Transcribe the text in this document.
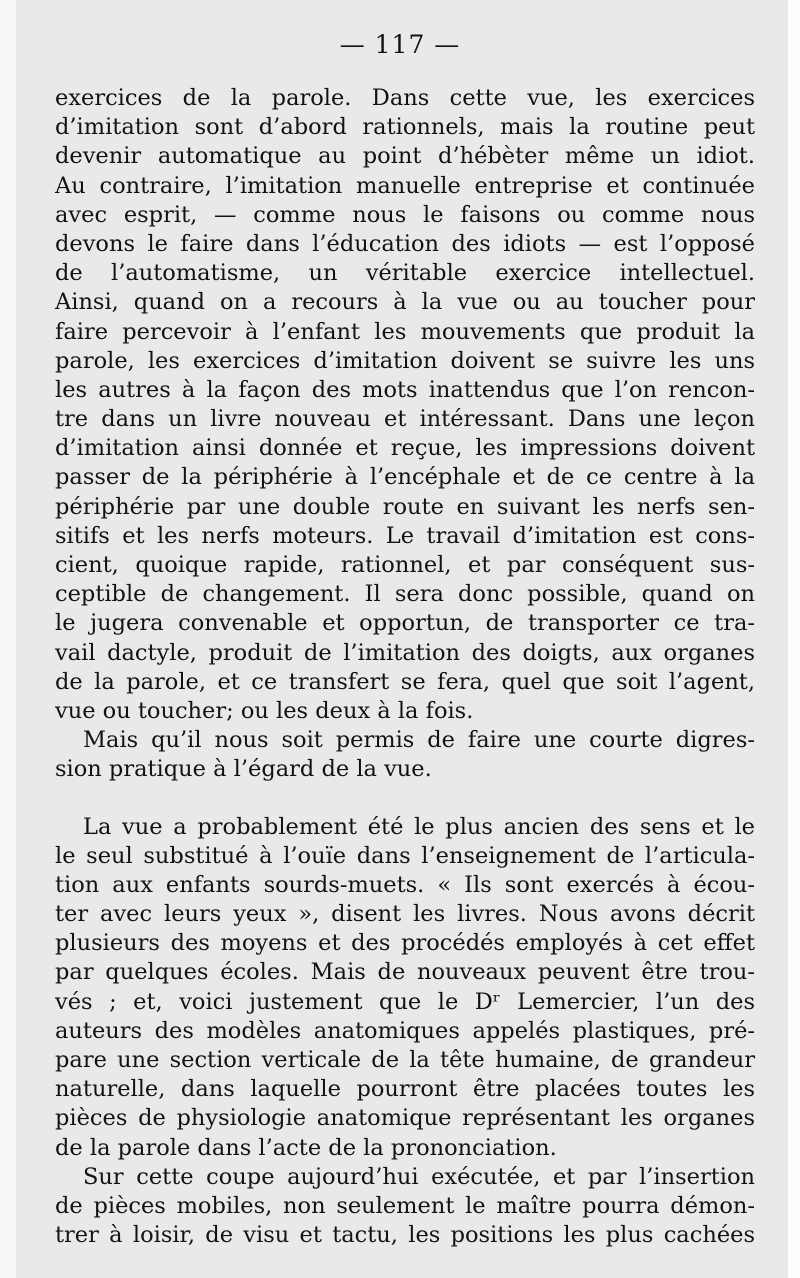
— 117 —
exercices de la parole. Dans cette vue, les exercices
d’imitation sont d’abord rationnels, mais la routine peut
devenir automatique au point d’hébèter même un idiot.
Au contraire, l’imitation manuelle entreprise et continuée
avec esprit, — comme nous le faisons ou comme nous
devons le faire dans l’éducation des idiots — est l’opposé
de l’automatisme, un véritable exercice intellectuel.
Ainsi, quand on a recours à la vue ou au toucher pour
faire percevoir à l’enfant les mouvements que produit la
parole, les exercices d’imitation doivent se suivre les uns
les autres à la façon des mots inattendus que l’on rencon-
tre dans un livre nouveau et intéressant. Dans une leçon
d’imitation ainsi donnée et reçue, les impressions doivent
passer de la périphérie à l’encéphale et de ce centre à la
périphérie par une double route en suivant les nerfs sen-
sitifs et les nerfs moteurs. Le travail d’imitation est cons-
cient, quoique rapide, rationnel, et par conséquent sus-
ceptible de changement. Il sera donc possible, quand on
le jugera convenable et opportun, de transporter ce tra-
vail dactyle, produit de l’imitation des doigts, aux organes
de la parole, et ce transfert se fera, quel que soit l’agent,
vue ou toucher; ou les deux à la fois.
Mais qu’il nous soit permis de faire une courte digres-
sion pratique à l’égard de la vue.
La vue a probablement été le plus ancien des sens et le
le seul substitué à l’ouïe dans l’enseignement de l’articula-
tion aux enfants sourds-muets. « Ils sont exercés à écou-
ter avec leurs yeux », disent les livres. Nous avons décrit
plusieurs des moyens et des procédés employés à cet effet
par quelques écoles. Mais de nouveaux peuvent être trou-
vés ; et, voici justement que le Dʳ Lemercier, l’un des
auteurs des modèles anatomiques appelés plastiques, pré-
pare une section verticale de la tête humaine, de grandeur
naturelle, dans laquelle pourront être placées toutes les
pièces de physiologie anatomique représentant les organes
de la parole dans l’acte de la prononciation.
Sur cette coupe aujourd’hui exécutée, et par l’insertion
de pièces mobiles, non seulement le maître pourra démon-
trer à loisir, de visu et tactu, les positions les plus cachées
